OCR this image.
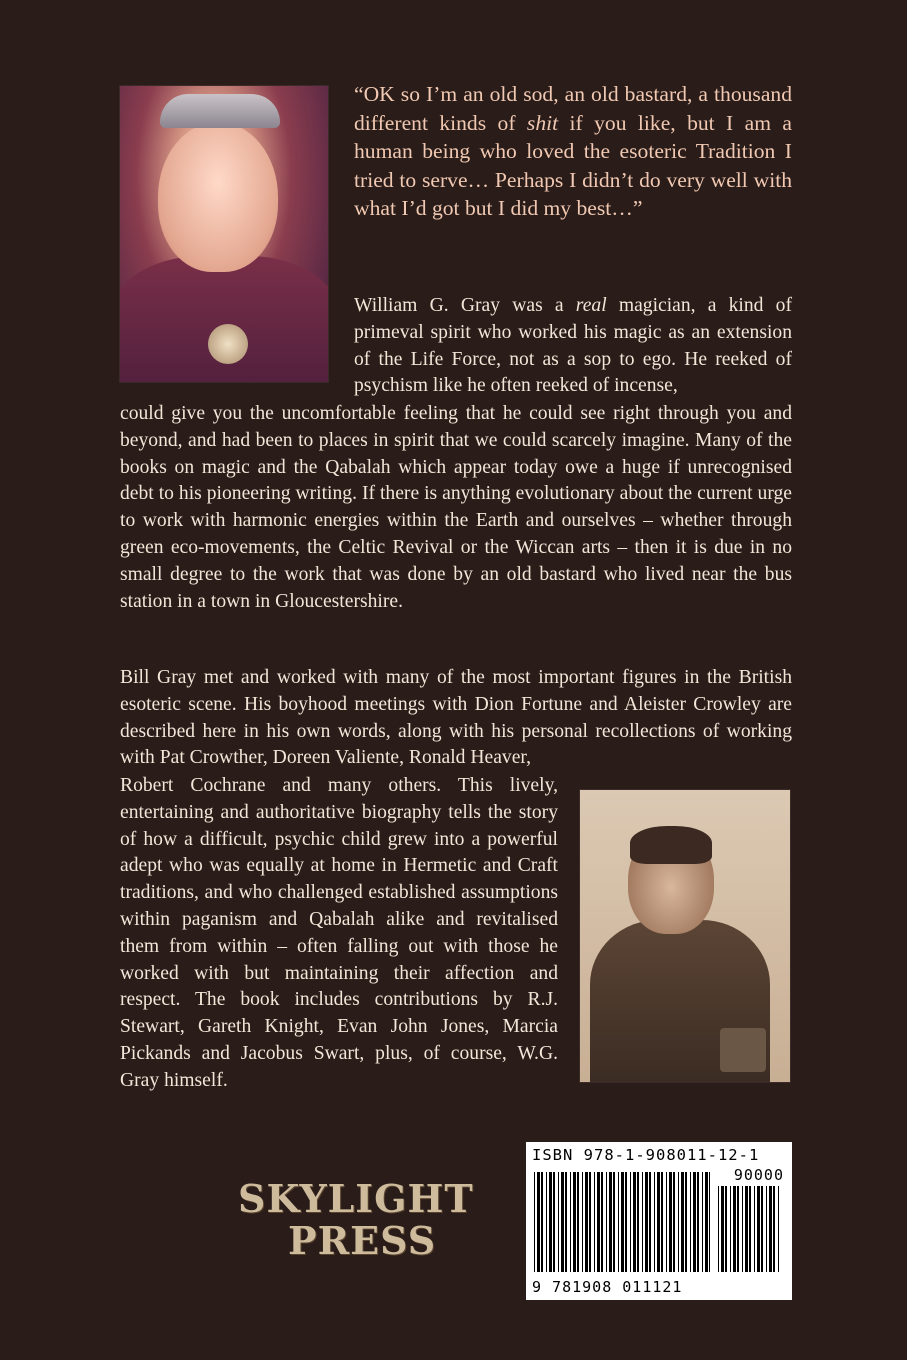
“OK so I’m an old sod, an old bastard, a thousand different kinds of shit if you like, but I am a human being who loved the esoteric Tradition I tried to serve… Perhaps I didn’t do very well with what I’d got but I did my best…”

William G. Gray was a real magician, a kind of primeval spirit who worked his magic as an extension of the Life Force, not as a sop to ego. He reeked of psychism like he often reeked of incense,

could give you the uncomfortable feeling that he could see right through you and beyond, and had been to places in spirit that we could scarcely imagine. Many of the books on magic and the Qabalah which appear today owe a huge if unrecognised debt to his pioneering writing. If there is anything evolutionary about the current urge to work with harmonic energies within the Earth and ourselves – whether through green eco-movements, the Celtic Revival or the Wiccan arts – then it is due in no small degree to the work that was done by an old bastard who lived near the bus station in a town in Gloucestershire.

Bill Gray met and worked with many of the most important figures in the British esoteric scene. His boyhood meetings with Dion Fortune and Aleister Crowley are described here in his own words, along with his personal recollections of working with Pat Crowther, Doreen Valiente, Ronald Heaver,

Robert Cochrane and many others. This lively, entertaining and authoritative biography tells the story of how a difficult, psychic child grew into a powerful adept who was equally at home in Hermetic and Craft traditions, and who challenged established assumptions within paganism and Qabalah alike and revitalised them from within – often falling out with those he worked with but maintaining their affection and respect. The book includes contributions by R.J. Stewart, Gareth Knight, Evan John Jones, Marcia Pickands and Jacobus Swart, plus, of course, W.G. Gray himself.

SKYLIGHT
PRESS
ISBN 978-1-908011-12-1
90000
9 781908 011121
